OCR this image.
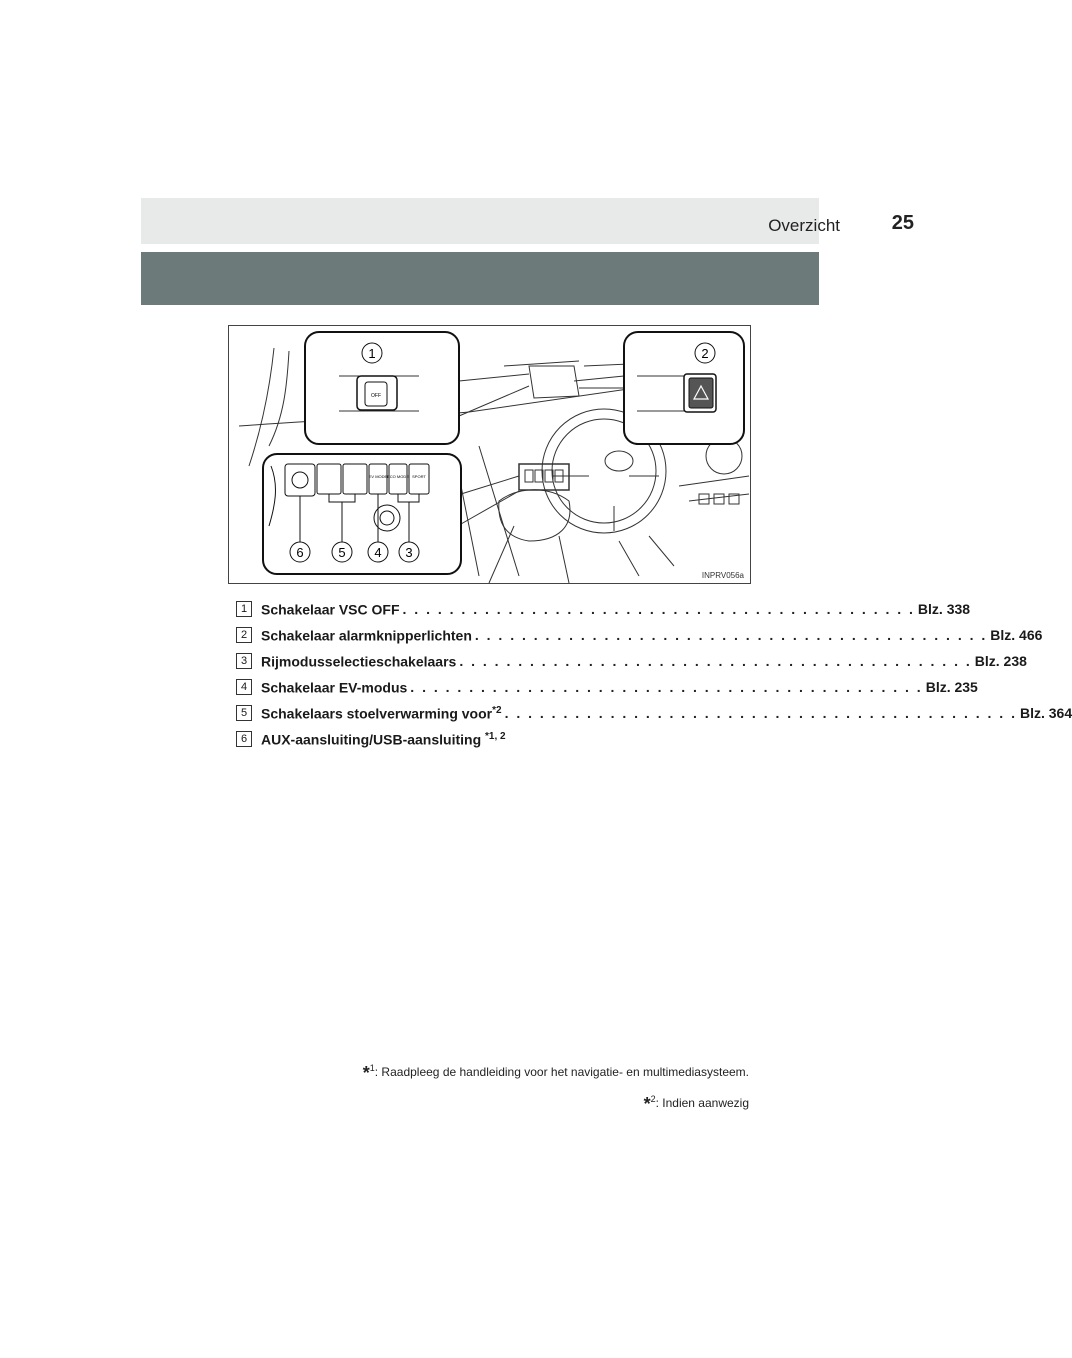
Overzicht	25
OFF
1	2
ECO MODE SPORT
EV MODE
6	5 4 3
INPRV056a
1 Schakelaar VSC OFF . . . . . . . . . . . . . . . . . . . . . . . . . . . . . . . . . . . . . . . . . . . . Blz. 338
2 Schakelaar alarmknipperlichten . . . . . . . . . . . . . . . . . . . . . . . . . . . . . . . . . . . . . . . . . . . . Blz. 466
3 Rijmodusselectieschakelaars . . . . . . . . . . . . . . . . . . . . . . . . . . . . . . . . . . . . . . . . . . . . Blz. 238
4 Schakelaar EV-modus . . . . . . . . . . . . . . . . . . . . . . . . . . . . . . . . . . . . . . . . . . . . Blz. 235
5 Schakelaars stoelverwarming voor$^{*2}$ . . . . . . . . . . . . . . . . . . . . . . . . . . . . . . . . . . . . . . . . . . . . Blz. 364
6 AUX-aansluiting/USB-aansluiting $^{*1, 2}$
*$^1$: Raadpleeg de handleiding voor het navigatie- en multimediasysteem.
*$^2$: Indien aanwezig
